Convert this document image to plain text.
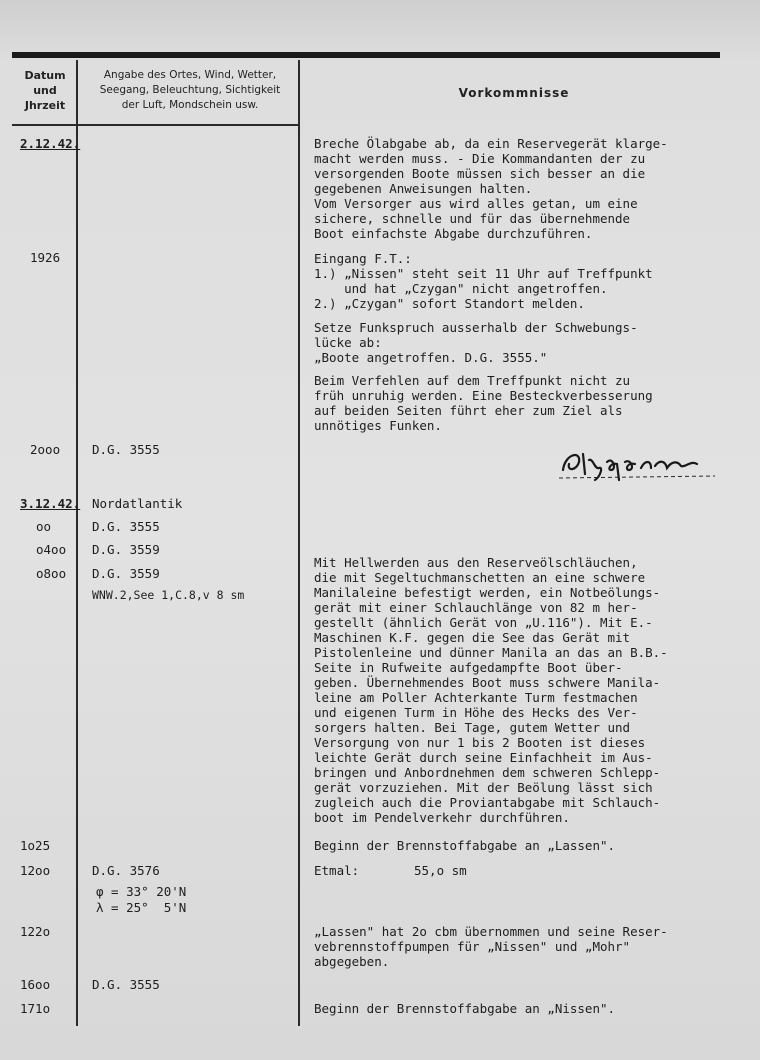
Datum
und
Jhrzeit
Angabe des Ortes, Wind, Wetter,
Seegang, Beleuchtung, Sichtigkeit
der Luft, Mondschein usw.
Vorkommnisse
2.12.42.
1926
2ooo
3.12.42.
oo
o4oo
o8oo
1o25
12oo
122o
16oo
171o
D.G. 3555
Nordatlantik
D.G. 3555
D.G. 3559
D.G. 3559
WNW.2,See 1,C.8,v 8 sm
D.G. 3576
φ = 33° 20'N
λ = 25°  5'N
D.G. 3555
Breche Ölabgabe ab, da ein Reservegerät klarge-
macht werden muss. - Die Kommandanten der zu
versorgenden Boote müssen sich besser an die
gegebenen Anweisungen halten.
Vom Versorger aus wird alles getan, um eine
sichere, schnelle und für das übernehmende
Boot einfachste Abgabe durchzuführen.
Eingang F.T.:
1.) „Nissen" steht seit 11 Uhr auf Treffpunkt
und hat „Czygan" nicht angetroffen.
2.) „Czygan" sofort Standort melden.
Setze Funkspruch ausserhalb der Schwebungs-
lücke ab:
„Boote angetroffen. D.G. 3555."
Beim Verfehlen auf dem Treffpunkt nicht zu
früh unruhig werden. Eine Besteckverbesserung
auf beiden Seiten führt eher zum Ziel als
unnötiges Funken.
Mit Hellwerden aus den Reserveölschläuchen,
die mit Segeltuchmanschetten an eine schwere
Manilaleine befestigt werden, ein Notbeölungs-
gerät mit einer Schlauchlänge von 82 m her-
gestellt (ähnlich Gerät von „U.116"). Mit E.-
Maschinen K.F. gegen die See das Gerät mit
Pistolenleine und dünner Manila an das an B.B.-
Seite in Rufweite aufgedampfte Boot über-
geben. Übernehmendes Boot muss schwere Manila-
leine am Poller Achterkante Turm festmachen
und eigenen Turm in Höhe des Hecks des Ver-
sorgers halten. Bei Tage, gutem Wetter und
Versorgung von nur 1 bis 2 Booten ist dieses
leichte Gerät durch seine Einfachheit im Aus-
bringen und Anbordnehmen dem schweren Schlepp-
gerät vorzuziehen. Mit der Beölung lässt sich
zugleich auch die Proviantabgabe mit Schlauch-
boot im Pendelverkehr durchführen.
Beginn der Brennstoffabgabe an „Lassen".
Etmal:	55,o sm
„Lassen" hat 2o cbm übernommen und seine Reser-
vebrennstoffpumpen für „Nissen" und „Mohr"
abgegeben.
Beginn der Brennstoffabgabe an „Nissen".
